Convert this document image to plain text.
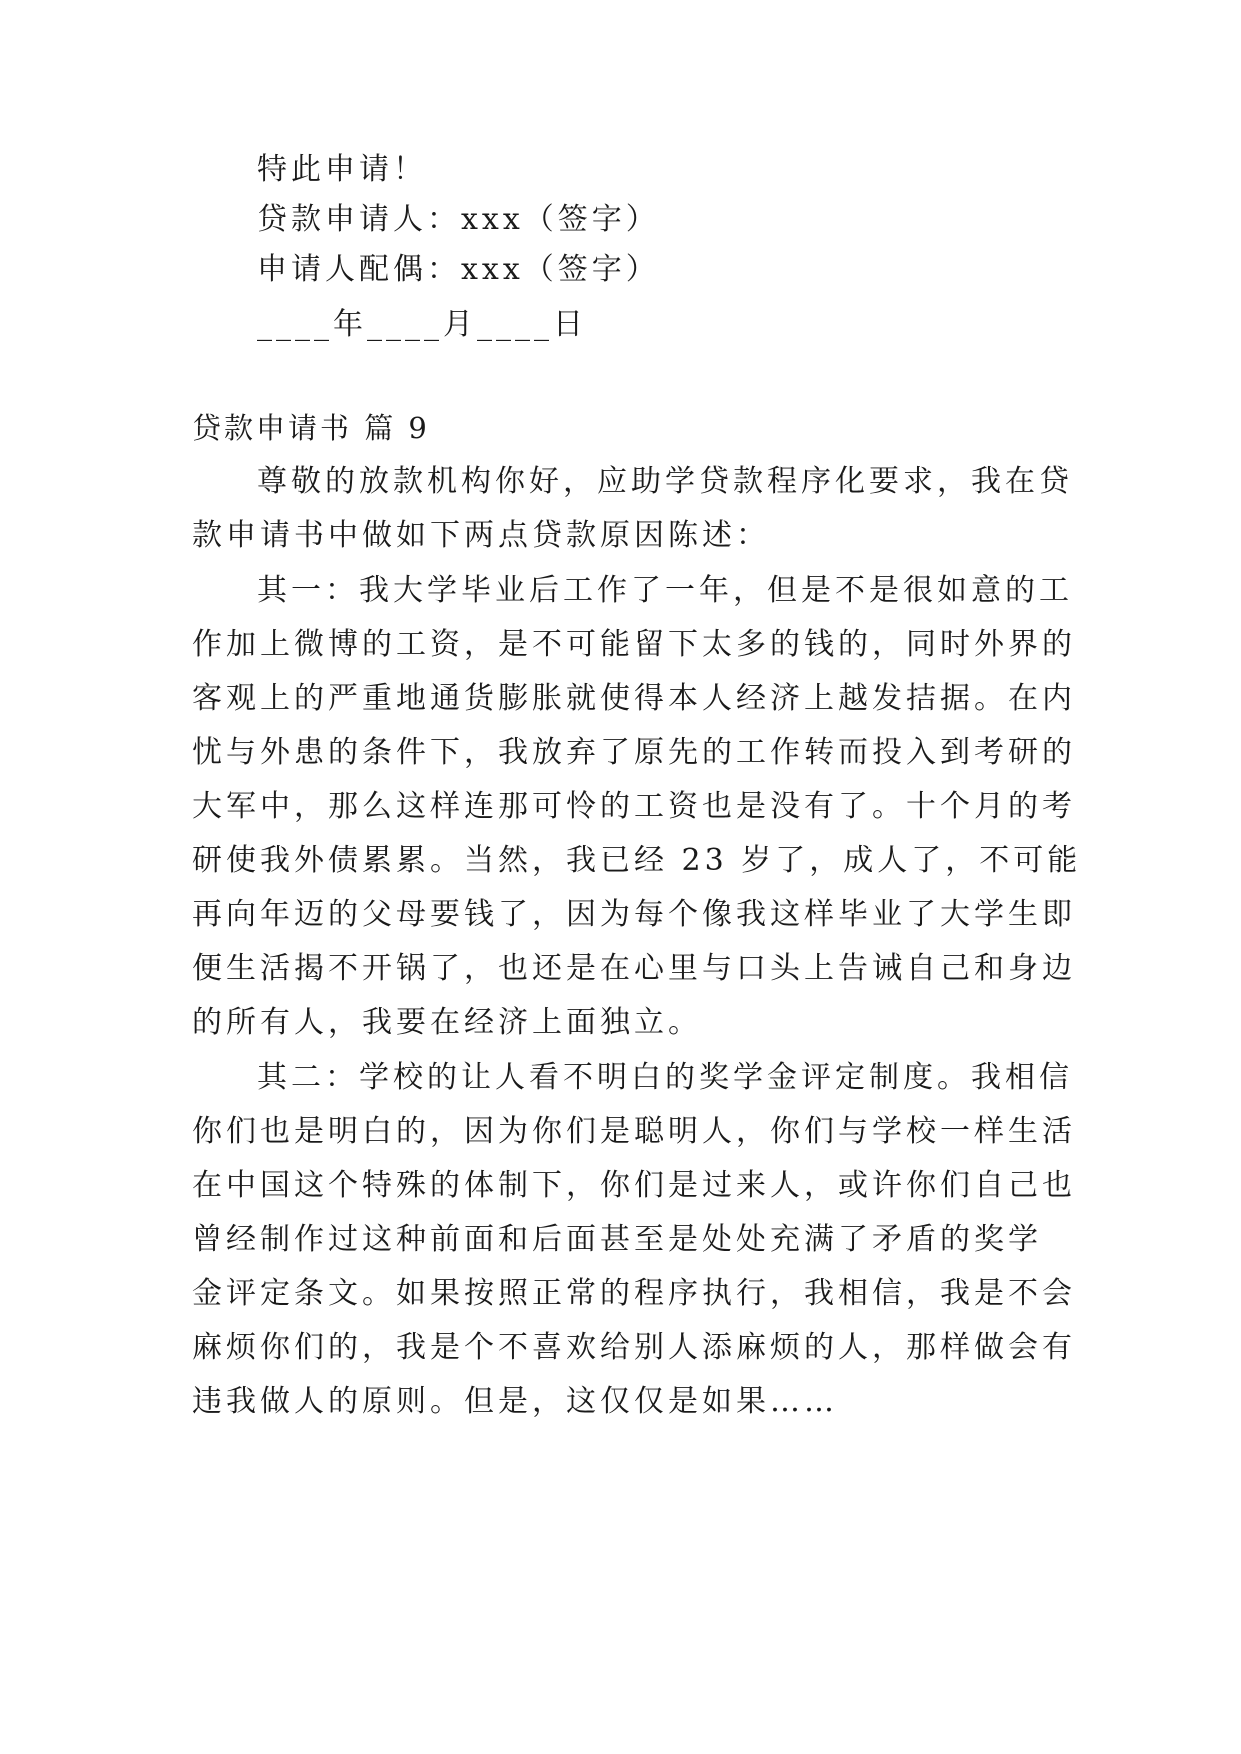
特此申请！
贷款申请人：xxx（签字）
申请人配偶：xxx（签字）
____年____月____日
贷款申请书 篇 9
尊敬的放款机构你好，应助学贷款程序化要求，我在贷
款申请书中做如下两点贷款原因陈述：
其一：我大学毕业后工作了一年，但是不是很如意的工
作加上微博的工资，是不可能留下太多的钱的，同时外界的
客观上的严重地通货膨胀就使得本人经济上越发拮据。在内
忧与外患的条件下，我放弃了原先的工作转而投入到考研的
大军中，那么这样连那可怜的工资也是没有了。十个月的考
研使我外债累累。当然，我已经 23 岁了，成人了，不可能
再向年迈的父母要钱了，因为每个像我这样毕业了大学生即
便生活揭不开锅了，也还是在心里与口头上告诫自己和身边
的所有人，我要在经济上面独立。
其二：学校的让人看不明白的奖学金评定制度。我相信
你们也是明白的，因为你们是聪明人，你们与学校一样生活
在中国这个特殊的体制下，你们是过来人，或许你们自己也
曾经制作过这种前面和后面甚至是处处充满了矛盾的奖学
金评定条文。如果按照正常的程序执行，我相信，我是不会
麻烦你们的，我是个不喜欢给别人添麻烦的人，那样做会有
违我做人的原则。但是，这仅仅是如果……
